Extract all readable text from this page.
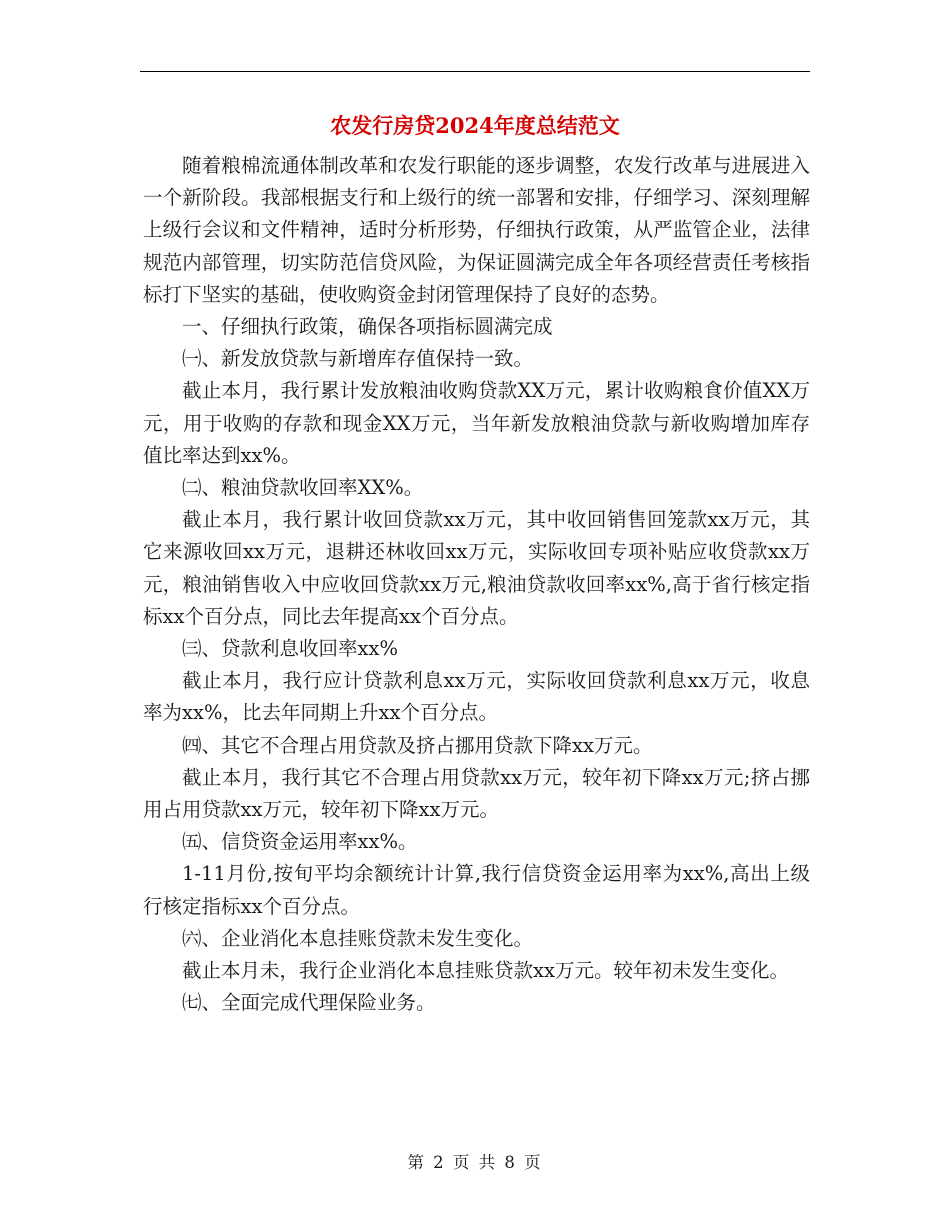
农发行房贷2024年度总结范文

随着粮棉流通体制改革和农发行职能的逐步调整，农发行改革与进展进入一个新阶段。我部根据支行和上级行的统一部署和安排，仔细学习、深刻理解上级行会议和文件精神，适时分析形势，仔细执行政策，从严监管企业，法律规范内部管理，切实防范信贷风险，为保证圆满完成全年各项经营责任考核指标打下坚实的基础，使收购资金封闭管理保持了良好的态势。

一、仔细执行政策，确保各项指标圆满完成

㈠、新发放贷款与新增库存值保持一致。

截止本月，我行累计发放粮油收购贷款XX万元，累计收购粮食价值XX万元，用于收购的存款和现金XX万元，当年新发放粮油贷款与新收购增加库存值比率达到xx%。

㈡、粮油贷款收回率XX%。

截止本月，我行累计收回贷款xx万元，其中收回销售回笼款xx万元，其它来源收回xx万元，退耕还林收回xx万元，实际收回专项补贴应收贷款xx万元，粮油销售收入中应收回贷款xx万元,粮油贷款收回率xx%,高于省行核定指标xx个百分点，同比去年提高xx个百分点。

㈢、贷款利息收回率xx%

截止本月，我行应计贷款利息xx万元，实际收回贷款利息xx万元，收息率为xx%，比去年同期上升xx个百分点。

㈣、其它不合理占用贷款及挤占挪用贷款下降xx万元。

截止本月，我行其它不合理占用贷款xx万元，较年初下降xx万元;挤占挪用占用贷款xx万元，较年初下降xx万元。

㈤、信贷资金运用率xx%。

1-11月份,按旬平均余额统计计算,我行信贷资金运用率为xx%,高出上级行核定指标xx个百分点。

㈥、企业消化本息挂账贷款未发生变化。

截止本月未，我行企业消化本息挂账贷款xx万元。较年初未发生变化。

㈦、全面完成代理保险业务。

第 2 页 共 8 页
